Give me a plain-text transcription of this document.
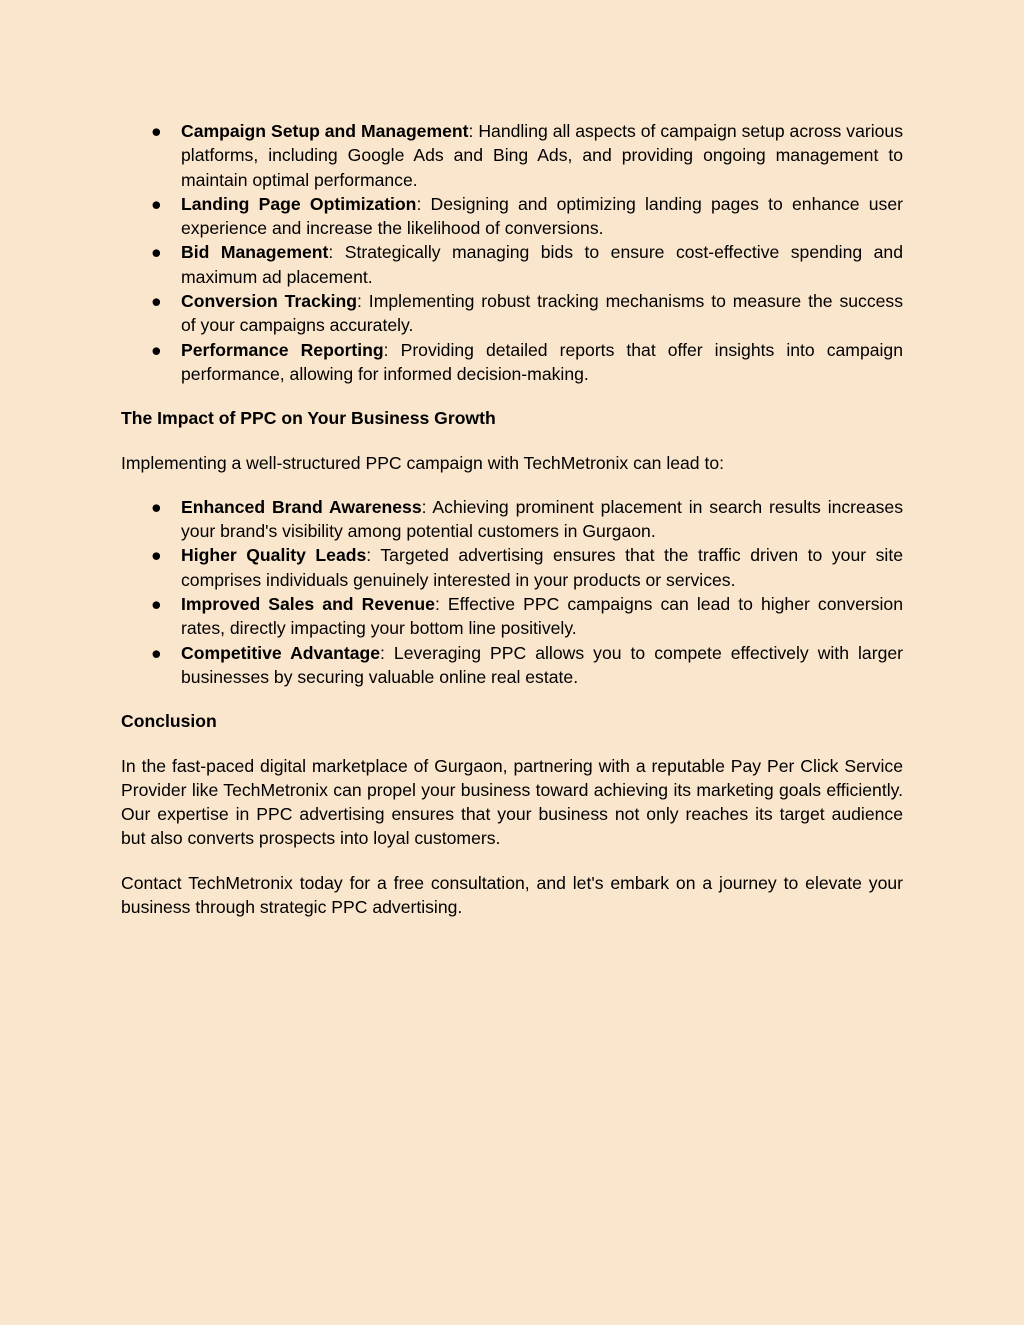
● Campaign Setup and Management: Handling all aspects of campaign setup across various platforms, including Google Ads and Bing Ads, and providing ongoing management to maintain optimal performance.
● Landing Page Optimization: Designing and optimizing landing pages to enhance user experience and increase the likelihood of conversions.
● Bid Management: Strategically managing bids to ensure cost-effective spending and maximum ad placement.
● Conversion Tracking: Implementing robust tracking mechanisms to measure the success of your campaigns accurately.
● Performance Reporting: Providing detailed reports that offer insights into campaign performance, allowing for informed decision-making.
The Impact of PPC on Your Business Growth

Implementing a well-structured PPC campaign with TechMetronix can lead to:

● Enhanced Brand Awareness: Achieving prominent placement in search results increases your brand's visibility among potential customers in Gurgaon.
● Higher Quality Leads: Targeted advertising ensures that the traffic driven to your site comprises individuals genuinely interested in your products or services.
● Improved Sales and Revenue: Effective PPC campaigns can lead to higher conversion rates, directly impacting your bottom line positively.
● Competitive Advantage: Leveraging PPC allows you to compete effectively with larger businesses by securing valuable online real estate.
Conclusion

In the fast-paced digital marketplace of Gurgaon, partnering with a reputable Pay Per Click Service Provider like TechMetronix can propel your business toward achieving its marketing goals efficiently. Our expertise in PPC advertising ensures that your business not only reaches its target audience but also converts prospects into loyal customers.

Contact TechMetronix today for a free consultation, and let's embark on a journey to elevate your business through strategic PPC advertising.
